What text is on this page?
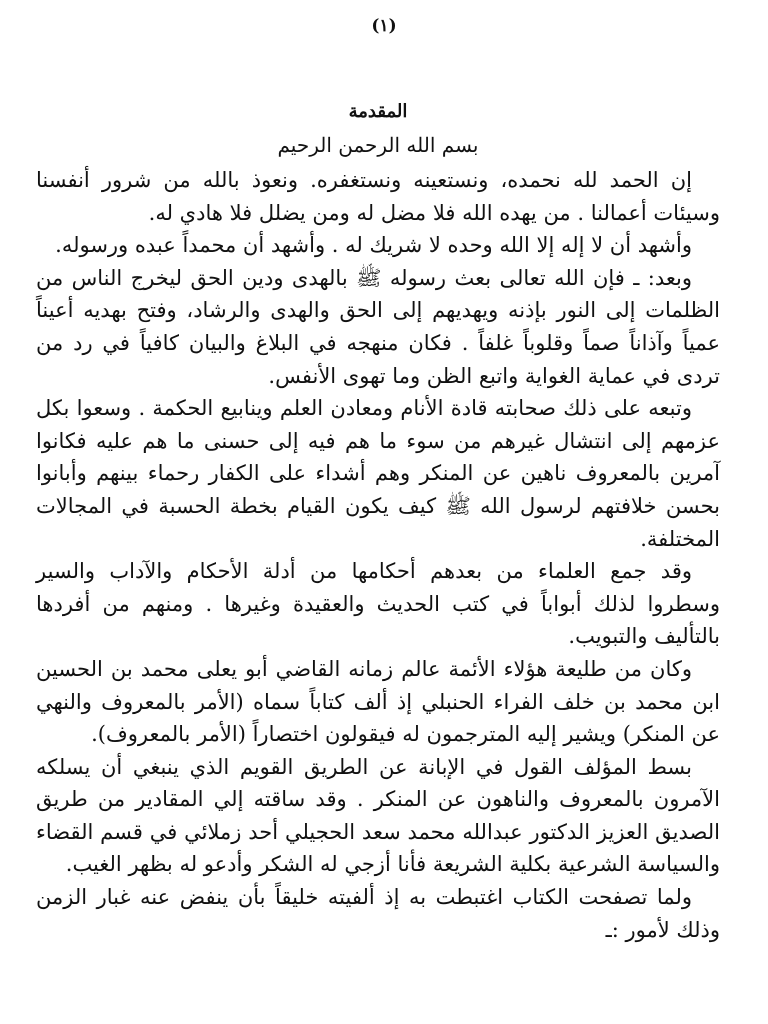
(١)
المقدمة
بسم الله الرحمن الرحيم

إن الحمد لله نحمده، ونستعينه ونستغفره. ونعوذ بالله من شرور أنفسنا وسيئات أعمالنا . من يهده الله فلا مضل له ومن يضلل فلا هادي له.

وأشهد أن لا إله إلا الله وحده لا شريك له . وأشهد أن محمداً عبده ورسوله.

وبعد: ـ فإن الله تعالى بعث رسوله ﷺ بالهدى ودين الحق ليخرج الناس من الظلمات إلى النور بإذنه ويهديهم إلى الحق والهدى والرشاد، وفتح بهديه أعيناً عمياً وآذاناً صماً وقلوباً غلفاً . فكان منهجه في البلاغ والبيان كافياً في رد من تردى في عماية الغواية واتبع الظن وما تهوى الأنفس.

وتبعه على ذلك صحابته قادة الأنام ومعادن العلم وينابيع الحكمة . وسعوا بكل عزمهم إلى انتشال غيرهم من سوء ما هم فيه إلى حسنى ما هم عليه فكانوا آمرين بالمعروف ناهين عن المنكر وهم أشداء على الكفار رحماء بينهم وأبانوا بحسن خلافتهم لرسول الله ﷺ كيف يكون القيام بخطة الحسبة في المجالات المختلفة.

وقد جمع العلماء من بعدهم أحكامها من أدلة الأحكام والآداب والسير وسطروا لذلك أبواباً في كتب الحديث والعقيدة وغيرها . ومنهم من أفردها بالتأليف والتبويب.

وكان من طليعة هؤلاء الأئمة عالم زمانه القاضي أبو يعلى محمد بن الحسين ابن محمد بن خلف الفراء الحنبلي إذ ألف كتاباً سماه (الأمر بالمعروف والنهي عن المنكر) ويشير إليه المترجمون له فيقولون اختصاراً (الأمر بالمعروف).

بسط المؤلف القول في الإبانة عن الطريق القويم الذي ينبغي أن يسلكه الآمرون بالمعروف والناهون عن المنكر . وقد ساقته إلي المقادير من طريق الصديق العزيز الدكتور عبدالله محمد سعد الحجيلي أحد زملائي في قسم القضاء والسياسة الشرعية بكلية الشريعة فأنا أزجي له الشكر وأدعو له بظهر الغيب.

ولما تصفحت الكتاب اغتبطت به إذ ألفيته خليقاً بأن ينفض عنه غبار الزمن وذلك لأمور :ـ
